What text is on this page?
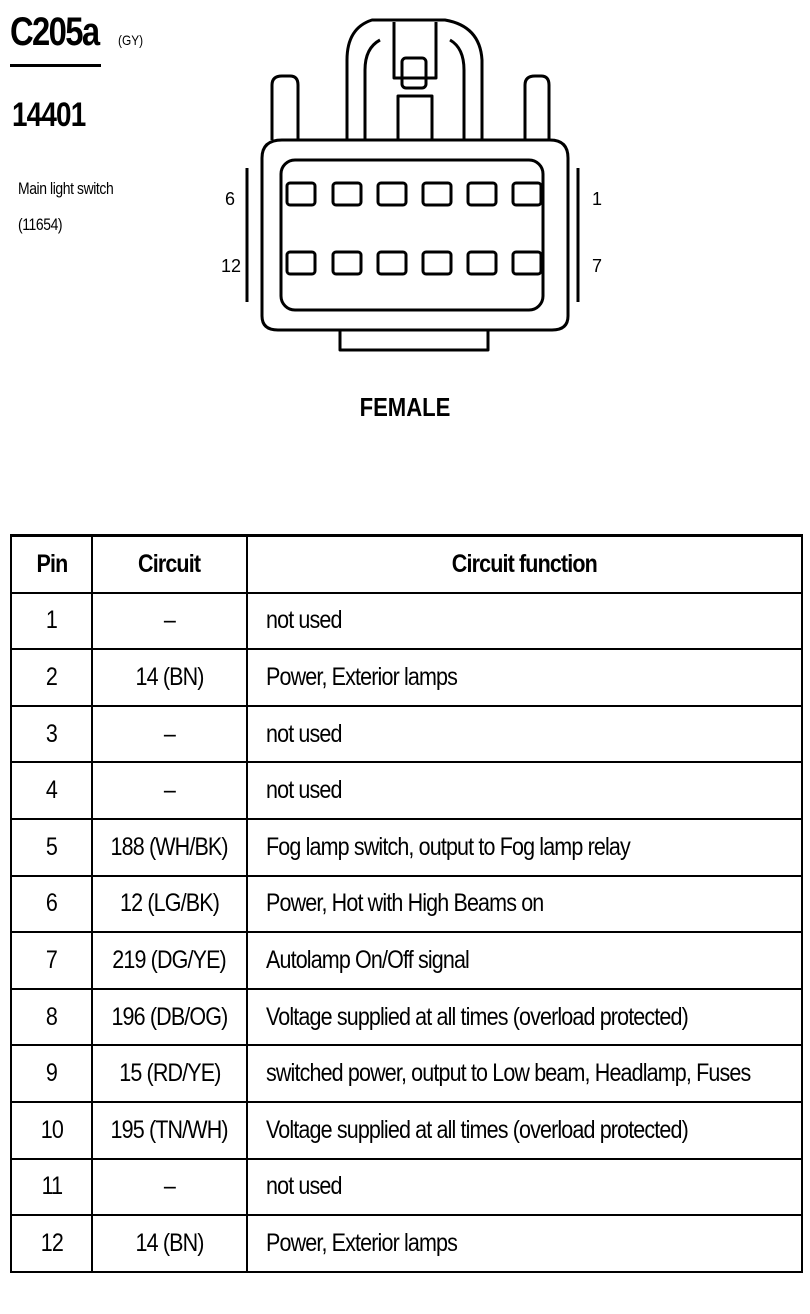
C205a (GY)
14401
Main light switch
(11654)
6	1
12	7
FEMALE
Pin	Circuit	Circuit function
1	–	not used
2	14 (BN)	Power, Exterior lamps
3	–	not used
4	–	not used
5	188 (WH/BK)	Fog lamp switch, output to Fog lamp relay
6	12 (LG/BK)	Power, Hot with High Beams on
7	219 (DG/YE)	Autolamp On/Off signal
8	196 (DB/OG)	Voltage supplied at all times (overload protected)
9	15 (RD/YE)	switched power, output to Low beam, Headlamp, Fuses
10	195 (TN/WH)	Voltage supplied at all times (overload protected)
11	–	not used
12	14 (BN)	Power, Exterior lamps
